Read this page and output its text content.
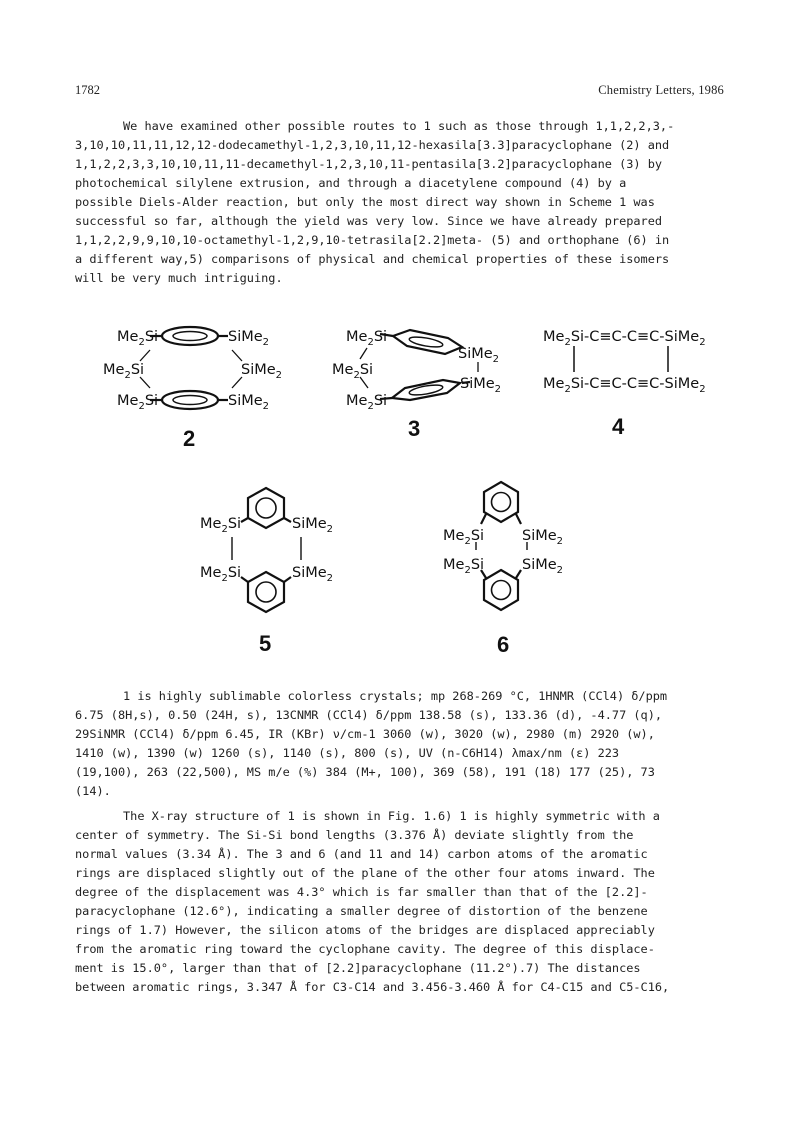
1782	Chemistry Letters, 1986
We have examined other possible routes to 1 such as those through 1,1,2,2,3,-
3,10,10,11,11,12,12-dodecamethyl-1,2,3,10,11,12-hexasila[3.3]paracyclophane (2) and
1,1,2,2,3,3,10,10,11,11-decamethyl-1,2,3,10,11-pentasila[3.2]paracyclophane (3) by
photochemical silylene extrusion, and through a diacetylene compound (4) by a
possible Diels-Alder reaction, but only the most direct way shown in Scheme 1 was
successful so far, although the yield was very low. Since we have already prepared
1,1,2,2,9,9,10,10-octamethyl-1,2,9,10-tetrasila[2.2]meta- (5) and orthophane (6) in
a different way,5) comparisons of physical and chemical properties of these isomers
will be very much intriguing.
$Me_2Si$	SiMe$_2$
$Me_2Si$	SiMe$_2$
$Me_2Si$	SiMe$_2$
2
$Me_2Si$
SiMe$_2$
$Me_2Si$
SiMe$_2$
$Me_2Si$
3
$Me_2Si-C\equiv C-C\equiv C-SiMe_2$
$Me_2Si-C\equiv C-C\equiv C-SiMe_2$
4
$Me_2Si$	SiMe$_2$
$Me_2Si$	SiMe$_2$
5
$Me_2Si$	SiMe$_2$
$Me_2Si$	SiMe$_2$
6
1 is highly sublimable colorless crystals; mp 268-269 °C, 1HNMR (CCl4) δ/ppm
6.75 (8H,s), 0.50 (24H, s), 13CNMR (CCl4) δ/ppm 138.58 (s), 133.36 (d), -4.77 (q),
29SiNMR (CCl4) δ/ppm 6.45, IR (KBr) ν/cm-1 3060 (w), 3020 (w), 2980 (m) 2920 (w),
1410 (w), 1390 (w) 1260 (s), 1140 (s), 800 (s), UV (n-C6H14) λmax/nm (ε) 223
(19,100), 263 (22,500), MS m/e (%) 384 (M+, 100), 369 (58), 191 (18) 177 (25), 73
(14).
The X-ray structure of 1 is shown in Fig. 1.6) 1 is highly symmetric with a
center of symmetry. The Si-Si bond lengths (3.376 Å) deviate slightly from the
normal values (3.34 Å). The 3 and 6 (and 11 and 14) carbon atoms of the aromatic
rings are displaced slightly out of the plane of the other four atoms inward. The
degree of the displacement was 4.3° which is far smaller than that of the [2.2]-
paracyclophane (12.6°), indicating a smaller degree of distortion of the benzene
rings of 1.7) However, the silicon atoms of the bridges are displaced appreciably
from the aromatic ring toward the cyclophane cavity. The degree of this displace-
ment is 15.0°, larger than that of [2.2]paracyclophane (11.2°).7) The distances
between aromatic rings, 3.347 Å for C3-C14 and 3.456-3.460 Å for C4-C15 and C5-C16,
